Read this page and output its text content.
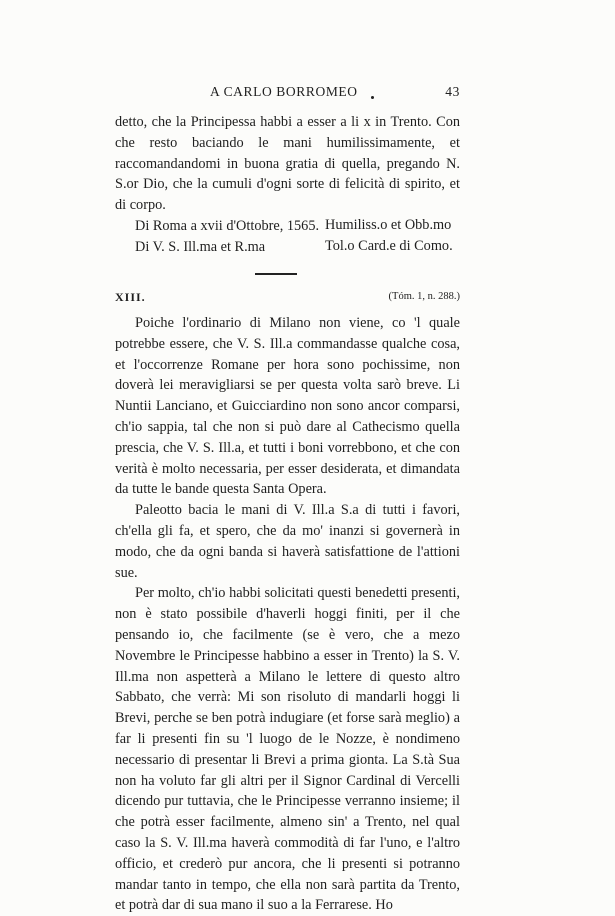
A CARLO BORROMEO	43

detto, che la Principessa habbi a esser a li x in Trento. Con che resto baciando le mani humilissimamente, et raccomandandomi in buona gratia di quella, pregando N. S.or Dio, che la cumuli d'ogni sorte di felicità di spirito, et di corpo.

Di Roma a xvii d'Ottobre, 1565.

Di V. S. Ill.ma et R.ma

Humiliss.o et Obb.mo
Tol.o Card.e di Como.
XIII.	(Tóm. 1, n. 288.)

Poiche l'ordinario di Milano non viene, co 'l quale potrebbe essere, che V. S. Ill.a commandasse qualche cosa, et l'occorrenze Romane per hora sono pochissime, non doverà lei meravigliarsi se per questa volta sarò breve. Li Nuntii Lanciano, et Guicciardino non sono ancor comparsi, ch'io sappia, tal che non si può dare al Cathecismo quella prescia, che V. S. Ill.a, et tutti i boni vorrebbono, et che con verità è molto necessaria, per esser desiderata, et dimandata da tutte le bande questa Santa Opera.

Paleotto bacia le mani di V. Ill.a S.a di tutti i favori, ch'ella gli fa, et spero, che da mo' inanzi si governerà in modo, che da ogni banda si haverà satisfattione de l'attioni sue.

Per molto, ch'io habbi solicitati questi benedetti presenti, non è stato possibile d'haverli hoggi finiti, per il che pensando io, che facilmente (se è vero, che a mezo Novembre le Principesse habbino a esser in Trento) la S. V. Ill.ma non aspetterà a Milano le lettere di questo altro Sabbato, che verrà: Mi son risoluto di mandarli hoggi li Brevi, perche se ben potrà indugiare (et forse sarà meglio) a far li presenti fin su 'l luogo de le Nozze, è nondimeno necessario di presentar li Brevi a prima gionta. La S.tà Sua non ha voluto far gli altri per il Signor Cardinal di Vercelli dicendo pur tuttavia, che le Principesse verranno insieme; il che potrà esser facilmente, almeno sin' a Trento, nel qual caso la S. V. Ill.ma haverà commodità di far l'uno, e l'altro officio, et crederò pur ancora, che li presenti si potranno mandar tanto in tempo, che ella non sarà partita da Trento, et potrà dar di sua mano il suo a la Ferrarese. Ho
